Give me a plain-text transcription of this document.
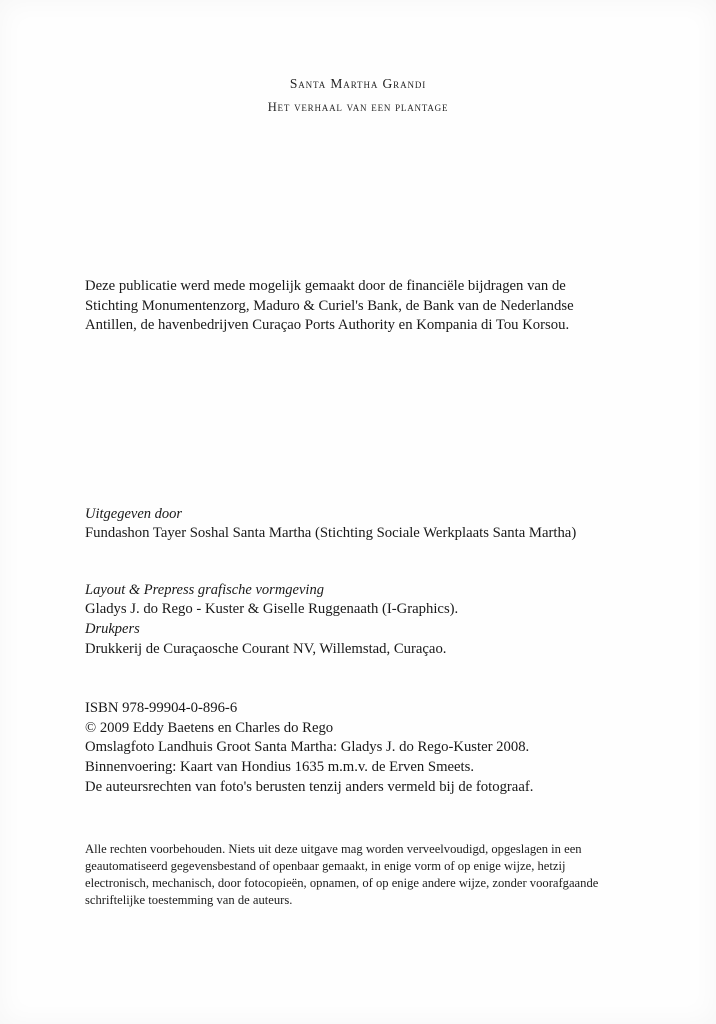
Santa Martha Grandi
Het verhaal van een plantage

Deze publicatie werd mede mogelijk gemaakt door de financiële bijdragen van de Stichting Monumentenzorg, Maduro & Curiel's Bank, de Bank van de Nederlandse Antillen, de havenbedrijven Curaçao Ports Authority en Kompania di Tou Korsou.

Uitgegeven door

Fundashon Tayer Soshal Santa Martha (Stichting Sociale Werkplaats Santa Martha)

Layout & Prepress grafische vormgeving

Gladys J. do Rego - Kuster & Giselle Ruggenaath (I-Graphics).

Drukpers

Drukkerij de Curaçaosche Courant NV, Willemstad, Curaçao.

ISBN 978-99904-0-896-6

© 2009 Eddy Baetens en Charles do Rego

Omslagfoto Landhuis Groot Santa Martha: Gladys J. do Rego-Kuster 2008.

Binnenvoering: Kaart van Hondius 1635 m.m.v. de Erven Smeets.

De auteursrechten van foto's berusten tenzij anders vermeld bij de fotograaf.

Alle rechten voorbehouden. Niets uit deze uitgave mag worden verveelvoudigd, opgeslagen in een geautomatiseerd gegevensbestand of openbaar gemaakt, in enige vorm of op enige wijze, hetzij electronisch, mechanisch, door fotocopieën, opnamen, of op enige andere wijze, zonder voorafgaande schriftelijke toestemming van de auteurs.
